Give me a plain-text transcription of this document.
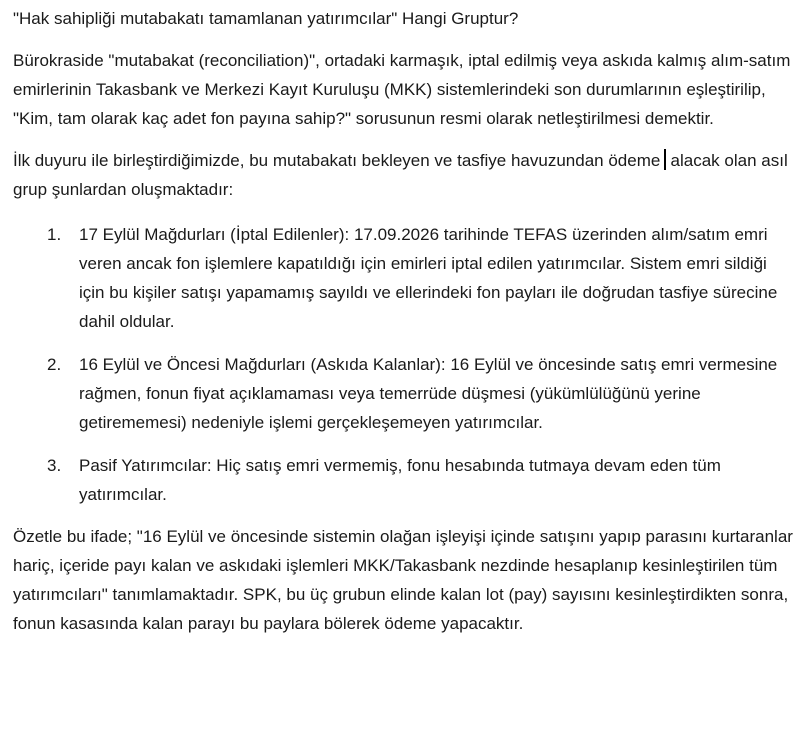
"Hak sahipliği mutabakatı tamamlanan yatırımcılar" Hangi Gruptur?

Bürokraside "mutabakat (reconciliation)", ortadaki karmaşık, iptal edilmiş veya askıda kalmış alım-satım emirlerinin Takasbank ve Merkezi Kayıt Kuruluşu (MKK) sistemlerindeki son durumlarının eşleştirilip, "Kim, tam olarak kaç adet fon payına sahip?" sorusunun resmi olarak netleştirilmesi demektir.

İlk duyuru ile birleştirdiğimizde, bu mutabakatı bekleyen ve tasfiye havuzundan ödeme alacak olan asıl grup şunlardan oluşmaktadır:

1. 17 Eylül Mağdurları (İptal Edilenler): 17.09.2026 tarihinde TEFAS üzerinden alım/satım emri veren ancak fon işlemlere kapatıldığı için emirleri iptal edilen yatırımcılar. Sistem emri sildiği için bu kişiler satışı yapamamış sayıldı ve ellerindeki fon payları ile doğrudan tasfiye sürecine dahil oldular.
2. 16 Eylül ve Öncesi Mağdurları (Askıda Kalanlar): 16 Eylül ve öncesinde satış emri vermesine rağmen, fonun fiyat açıklamaması veya temerrüde düşmesi (yükümlülüğünü yerine getirememesi) nedeniyle işlemi gerçekleşemeyen yatırımcılar.
3. Pasif Yatırımcılar: Hiç satış emri vermemiş, fonu hesabında tutmaya devam eden tüm yatırımcılar.

Özetle bu ifade; "16 Eylül ve öncesinde sistemin olağan işleyişi içinde satışını yapıp parasını kurtaranlar hariç, içeride payı kalan ve askıdaki işlemleri MKK/Takasbank nezdinde hesaplanıp kesinleştirilen tüm yatırımcıları" tanımlamaktadır. SPK, bu üç grubun elinde kalan lot (pay) sayısını kesinleştirdikten sonra, fonun kasasında kalan parayı bu paylara bölerek ödeme yapacaktır.
